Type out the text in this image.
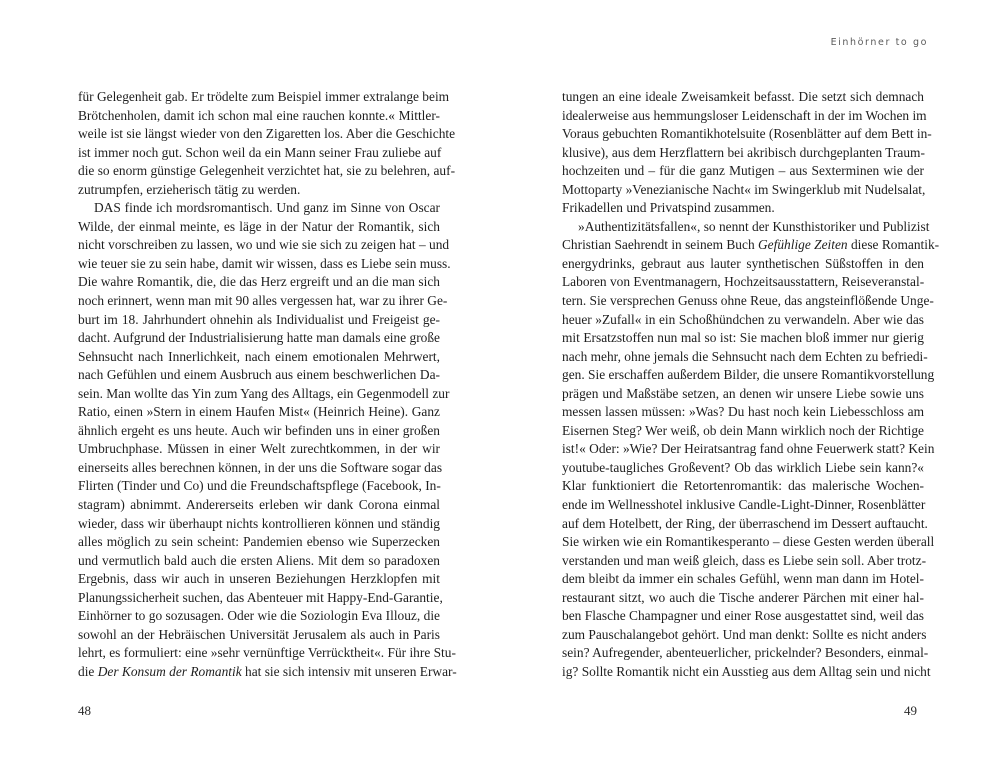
für Gelegenheit gab. Er trödelte zum Beispiel immer extralange beim
Brötchenholen, damit ich schon mal eine rauchen konnte.« Mittler-
weile ist sie längst wieder von den Zigaretten los. Aber die Geschichte
ist immer noch gut. Schon weil da ein Mann seiner Frau zuliebe auf
die so enorm günstige Gelegenheit verzichtet hat, sie zu belehren, auf-
zutrumpfen, erzieherisch tätig zu werden.
DAS finde ich mordsromantisch. Und ganz im Sinne von Oscar
Wilde, der einmal meinte, es läge in der Natur der Romantik, sich
nicht vorschreiben zu lassen, wo und wie sie sich zu zeigen hat – und
wie teuer sie zu sein habe, damit wir wissen, dass es Liebe sein muss.
Die wahre Romantik, die, die das Herz ergreift und an die man sich
noch erinnert, wenn man mit 90 alles vergessen hat, war zu ihrer Ge-
burt im 18. Jahrhundert ohnehin als Individualist und Freigeist ge-
dacht. Aufgrund der Industrialisierung hatte man damals eine große
Sehnsucht nach Innerlichkeit, nach einem emotionalen Mehrwert,
nach Gefühlen und einem Ausbruch aus einem beschwerlichen Da-
sein. Man wollte das Yin zum Yang des Alltags, ein Gegenmodell zur
Ratio, einen »Stern in einem Haufen Mist« (Heinrich Heine). Ganz
ähnlich ergeht es uns heute. Auch wir befinden uns in einer großen
Umbruchphase. Müssen in einer Welt zurechtkommen, in der wir
einerseits alles berechnen können, in der uns die Software sogar das
Flirten (Tinder und Co) und die Freundschaftspflege (Facebook, In-
stagram) abnimmt. Andererseits erleben wir dank Corona einmal
wieder, dass wir überhaupt nichts kontrollieren können und ständig
alles möglich zu sein scheint: Pandemien ebenso wie Superzecken
und vermutlich bald auch die ersten Aliens. Mit dem so paradoxen
Ergebnis, dass wir auch in unseren Beziehungen Herzklopfen mit
Planungssicherheit suchen, das Abenteuer mit Happy-End-Garantie,
Einhörner to go sozusagen. Oder wie die Soziologin Eva Illouz, die
sowohl an der Hebräischen Universität Jerusalem als auch in Paris
lehrt, es formuliert: eine »sehr vernünftige Verrücktheit«. Für ihre Stu-
die Der Konsum der Romantik hat sie sich intensiv mit unseren Erwar-
48
Einhörner to go
tungen an eine ideale Zweisamkeit befasst. Die setzt sich demnach
idealerweise aus hemmungsloser Leidenschaft in der im Wochen im
Voraus gebuchten Romantikhotelsuite (Rosenblätter auf dem Bett in-
klusive), aus dem Herzflattern bei akribisch durchgeplanten Traum-
hochzeiten und – für die ganz Mutigen – aus Sexterminen wie der
Mottoparty »Venezianische Nacht« im Swingerklub mit Nudelsalat,
Frikadellen und Privatspind zusammen.
»Authentizitätsfallen«, so nennt der Kunsthistoriker und Publizist
Christian Saehrendt in seinem Buch Gefühlige Zeiten diese Romantik-
energydrinks, gebraut aus lauter synthetischen Süßstoffen in den
Laboren von Eventmanagern, Hochzeitsausstattern, Reiseveranstal-
tern. Sie versprechen Genuss ohne Reue, das angsteinflößende Unge-
heuer »Zufall« in ein Schoßhündchen zu verwandeln. Aber wie das
mit Ersatzstoffen nun mal so ist: Sie machen bloß immer nur gierig
nach mehr, ohne jemals die Sehnsucht nach dem Echten zu befriedi-
gen. Sie erschaffen außerdem Bilder, die unsere Romantikvorstellung
prägen und Maßstäbe setzen, an denen wir unsere Liebe sowie uns
messen lassen müssen: »Was? Du hast noch kein Liebesschloss am
Eisernen Steg? Wer weiß, ob dein Mann wirklich noch der Richtige
ist!« Oder: »Wie? Der Heiratsantrag fand ohne Feuerwerk statt? Kein
youtube-taugliches Großevent? Ob das wirklich Liebe sein kann?«
Klar funktioniert die Retortenromantik: das malerische Wochen-
ende im Wellnesshotel inklusive Candle-Light-Dinner, Rosenblätter
auf dem Hotelbett, der Ring, der überraschend im Dessert auftaucht.
Sie wirken wie ein Romantikesperanto – diese Gesten werden überall
verstanden und man weiß gleich, dass es Liebe sein soll. Aber trotz-
dem bleibt da immer ein schales Gefühl, wenn man dann im Hotel-
restaurant sitzt, wo auch die Tische anderer Pärchen mit einer hal-
ben Flasche Champagner und einer Rose ausgestattet sind, weil das
zum Pauschalangebot gehört. Und man denkt: Sollte es nicht anders
sein? Aufregender, abenteuerlicher, prickelnder? Besonders, einmal-
ig? Sollte Romantik nicht ein Ausstieg aus dem Alltag sein und nicht
49
